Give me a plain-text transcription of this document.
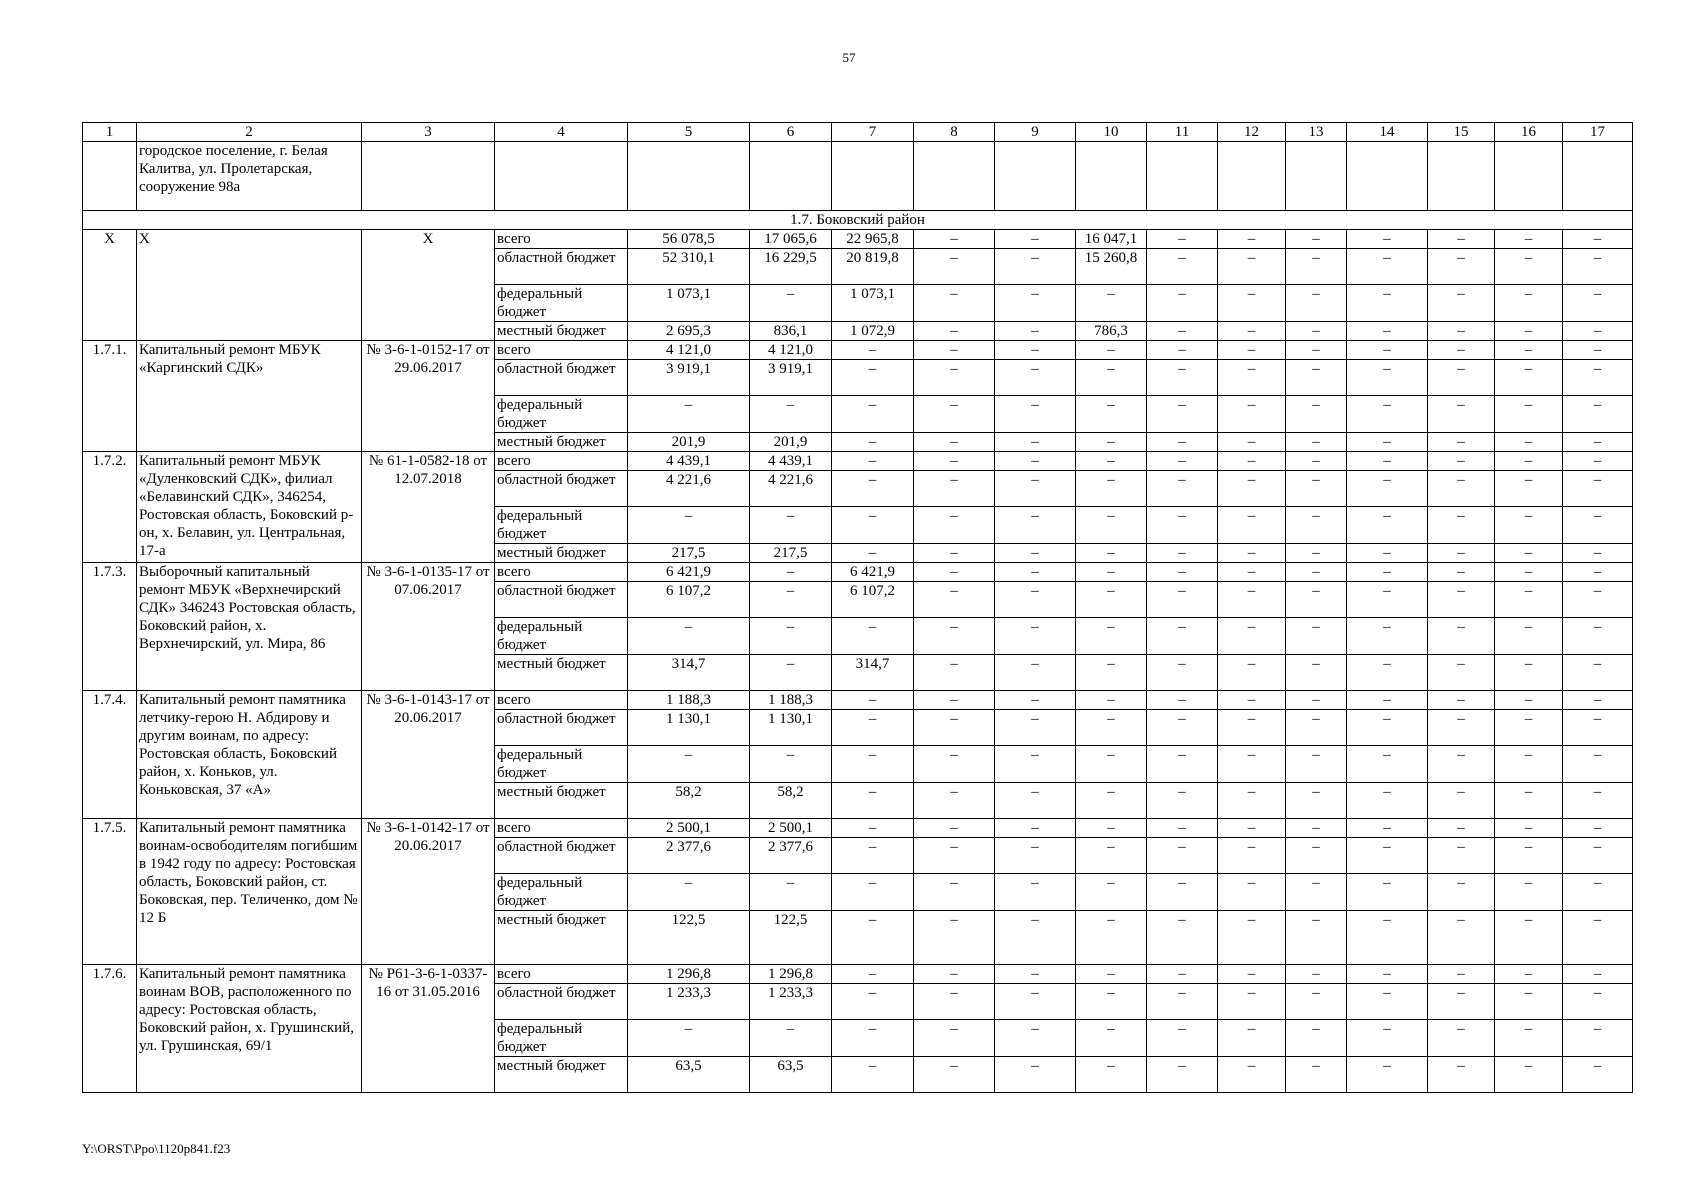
57
1	2	3	4	5	6	7	8	9	10	11	12	13	14	15	16	17
	городское поселение, г. Белая Калитва, ул. Пролетарская, сооружение 98а															
1.7. Боковский район																
Х	Х	Х	всего	56 078,5	17 065,6	22 965,8	–	–	16 047,1	–	–	–	–	–	–	–
			областной бюджет	52 310,1	16 229,5	20 819,8	–	–	15 260,8	–	–	–	–	–	–	–
			федеральный бюджет	1 073,1	–	1 073,1	–	–	–	–	–	–	–	–	–	–
			местный бюджет	2 695,3	836,1	1 072,9	–	–	786,3	–	–	–	–	–	–	–
1.7.1.	Капитальный ремонт МБУК «Каргинский СДК»	№ 3-6-1-0152-17 от 29.06.2017	всего	4 121,0	4 121,0	–	–	–	–	–	–	–	–	–	–	–
			областной бюджет	3 919,1	3 919,1	–	–	–	–	–	–	–	–	–	–	–
			федеральный бюджет	–	–	–	–	–	–	–	–	–	–	–	–	–
			местный бюджет	201,9	201,9	–	–	–	–	–	–	–	–	–	–	–
1.7.2.	Капитальный ремонт МБУК «Дуленковский СДК», филиал «Белавинский СДК», 346254, Ростовская область, Боковский р-он, х. Белавин, ул. Центральная, 17-а	№ 61-1-0582-18 от 12.07.2018	всего	4 439,1	4 439,1	–	–	–	–	–	–	–	–	–	–	–
			областной бюджет	4 221,6	4 221,6	–	–	–	–	–	–	–	–	–	–	–
			федеральный бюджет	–	–	–	–	–	–	–	–	–	–	–	–	–
			местный бюджет	217,5	217,5	–	–	–	–	–	–	–	–	–	–	–
1.7.3.	Выборочный капитальный ремонт МБУК «Верхнечирский СДК» 346243 Ростовская область, Боковский район, х. Верхнечирский, ул. Мира, 86	№ 3-6-1-0135-17 от 07.06.2017	всего	6 421,9	–	6 421,9	–	–	–	–	–	–	–	–	–	–
			областной бюджет	6 107,2	–	6 107,2	–	–	–	–	–	–	–	–	–	–
			федеральный бюджет	–	–	–	–	–	–	–	–	–	–	–	–	–
			местный бюджет	314,7	–	314,7	–	–	–	–	–	–	–	–	–	–
1.7.4.	Капитальный ремонт памятника летчику-герою Н. Абдирову и другим воинам, по адресу: Ростовская область, Боковский район, х. Коньков, ул. Коньковская, 37 «А»	№ 3-6-1-0143-17 от 20.06.2017	всего	1 188,3	1 188,3	–	–	–	–	–	–	–	–	–	–	–
			областной бюджет	1 130,1	1 130,1	–	–	–	–	–	–	–	–	–	–	–
			федеральный бюджет	–	–	–	–	–	–	–	–	–	–	–	–	–
			местный бюджет	58,2	58,2	–	–	–	–	–	–	–	–	–	–	–
1.7.5.	Капитальный ремонт памятника воинам-освободителям погибшим в 1942 году по адресу: Ростовская область, Боковский район, ст. Боковская, пер. Теличенко, дом № 12 Б	№ 3-6-1-0142-17 от 20.06.2017	всего	2 500,1	2 500,1	–	–	–	–	–	–	–	–	–	–	–
			областной бюджет	2 377,6	2 377,6	–	–	–	–	–	–	–	–	–	–	–
			федеральный бюджет	–	–	–	–	–	–	–	–	–	–	–	–	–
			местный бюджет	122,5	122,5	–	–	–	–	–	–	–	–	–	–	–
1.7.6.	Капитальный ремонт памятника воинам ВОВ, расположенного по адресу: Ростовская область, Боковский район, х. Грушинский, ул. Грушинская, 69/1	№ Р61-3-6-1-0337-16 от 31.05.2016	всего	1 296,8	1 296,8	–	–	–	–	–	–	–	–	–	–	–
			областной бюджет	1 233,3	1 233,3	–	–	–	–	–	–	–	–	–	–	–
			федеральный бюджет	–	–	–	–	–	–	–	–	–	–	–	–	–
			местный бюджет	63,5	63,5	–	–	–	–	–	–	–	–	–	–	–
Y:\ORST\Ppo\1120p841.f23
